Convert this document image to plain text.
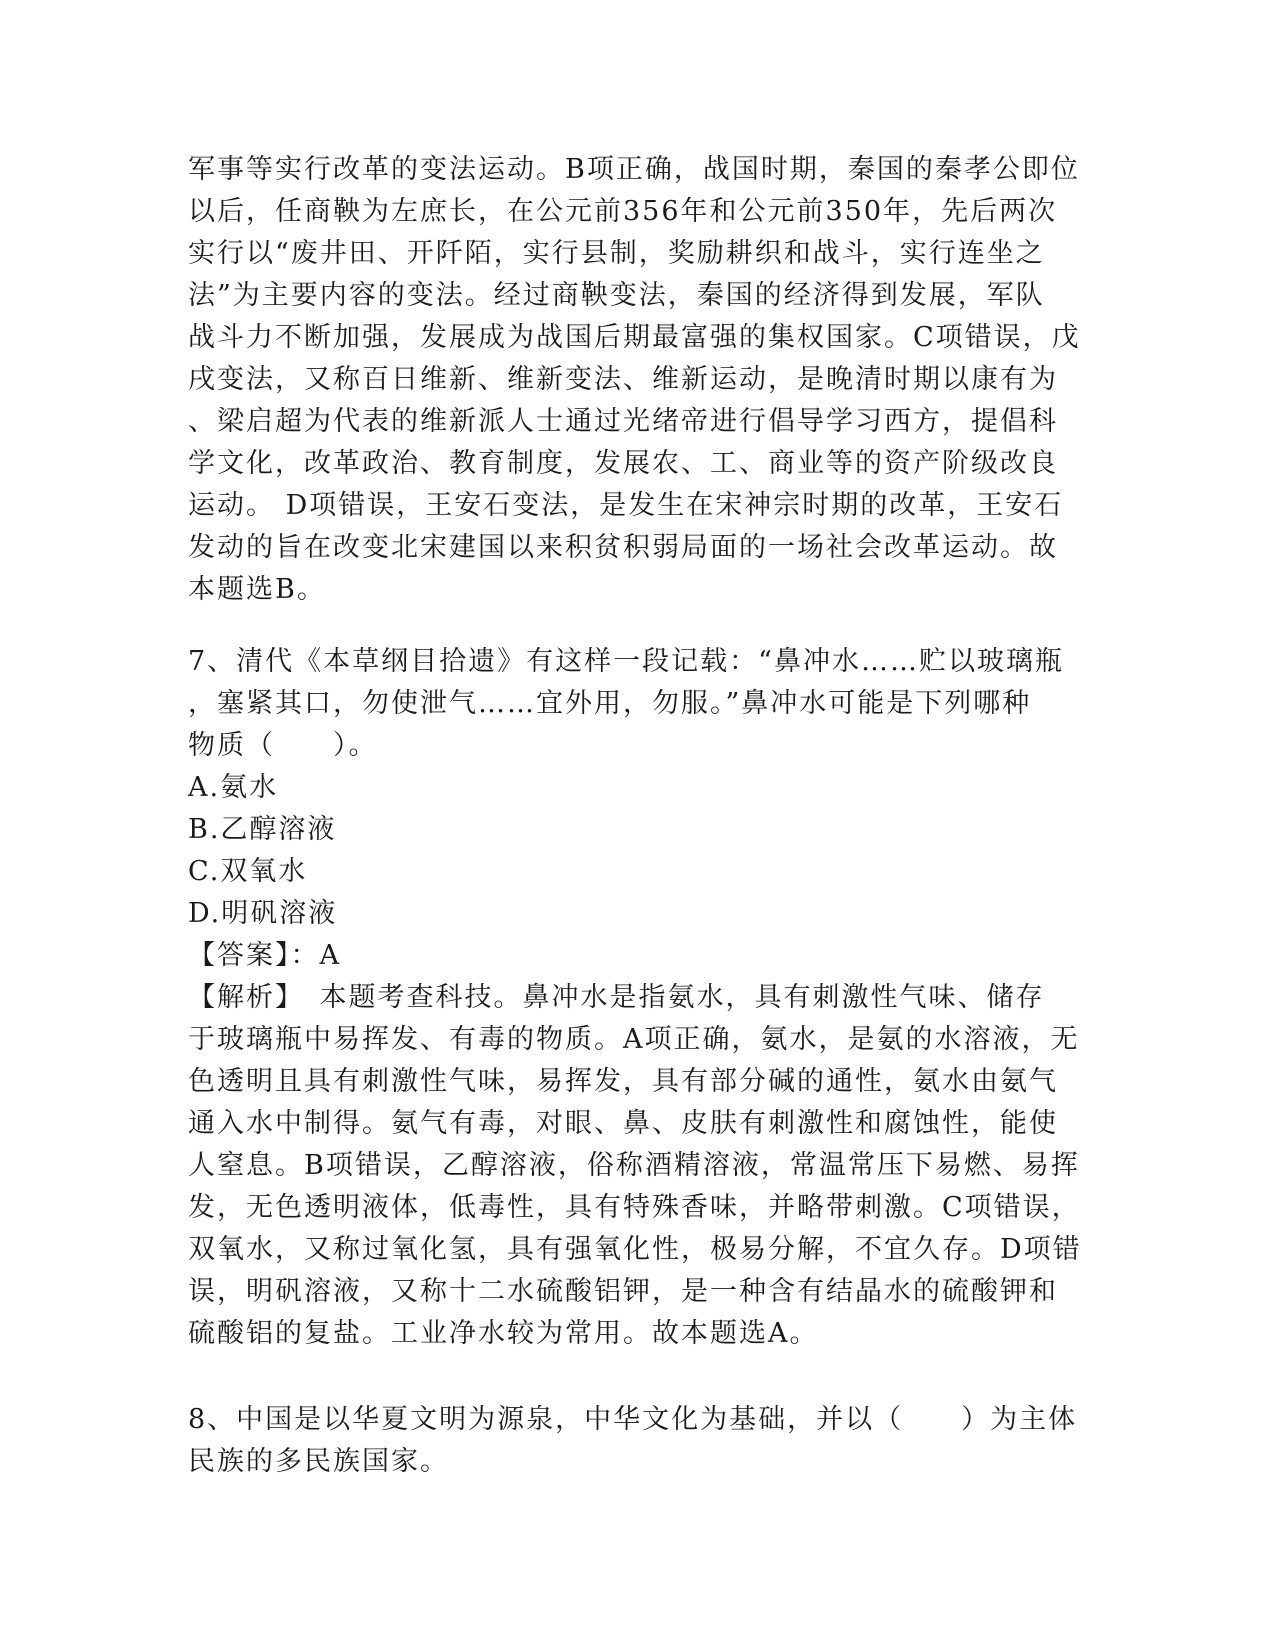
军事等实行改革的变法运动。B项正确，战国时期，秦国的秦孝公即位
以后，任商鞅为左庶长，在公元前356年和公元前350年，先后两次
实行以“废井田、开阡陌，实行县制，奖励耕织和战斗，实行连坐之
法”为主要内容的变法。经过商鞅变法，秦国的经济得到发展，军队
战斗力不断加强，发展成为战国后期最富强的集权国家。C项错误，戊
戌变法，又称百日维新、维新变法、维新运动，是晚清时期以康有为
、梁启超为代表的维新派人士通过光绪帝进行倡导学习西方，提倡科
学文化，改革政治、教育制度，发展农、工、商业等的资产阶级改良
运动。 D项错误，王安石变法，是发生在宋神宗时期的改革，王安石
发动的旨在改变北宋建国以来积贫积弱局面的一场社会改革运动。故
本题选B。
7、清代《本草纲目拾遗》有这样一段记载：“鼻冲水……贮以玻璃瓶
，塞紧其口，勿使泄气……宜外用，勿服。”鼻冲水可能是下列哪种
物质（　　）。
A.氨水
B.乙醇溶液
C.双氧水
D.明矾溶液
【答案】：A
【解析】　本题考查科技。鼻冲水是指氨水，具有刺激性气味、储存
于玻璃瓶中易挥发、有毒的物质。A项正确，氨水，是氨的水溶液，无
色透明且具有刺激性气味，易挥发，具有部分碱的通性，氨水由氨气
通入水中制得。氨气有毒，对眼、鼻、皮肤有刺激性和腐蚀性，能使
人窒息。B项错误，乙醇溶液，俗称酒精溶液，常温常压下易燃、易挥
发，无色透明液体，低毒性，具有特殊香味，并略带刺激。C项错误，
双氧水，又称过氧化氢，具有强氧化性，极易分解，不宜久存。D项错
误，明矾溶液，又称十二水硫酸铝钾，是一种含有结晶水的硫酸钾和
硫酸铝的复盐。工业净水较为常用。故本题选A。
8、中国是以华夏文明为源泉，中华文化为基础，并以（　　）为主体
民族的多民族国家。
